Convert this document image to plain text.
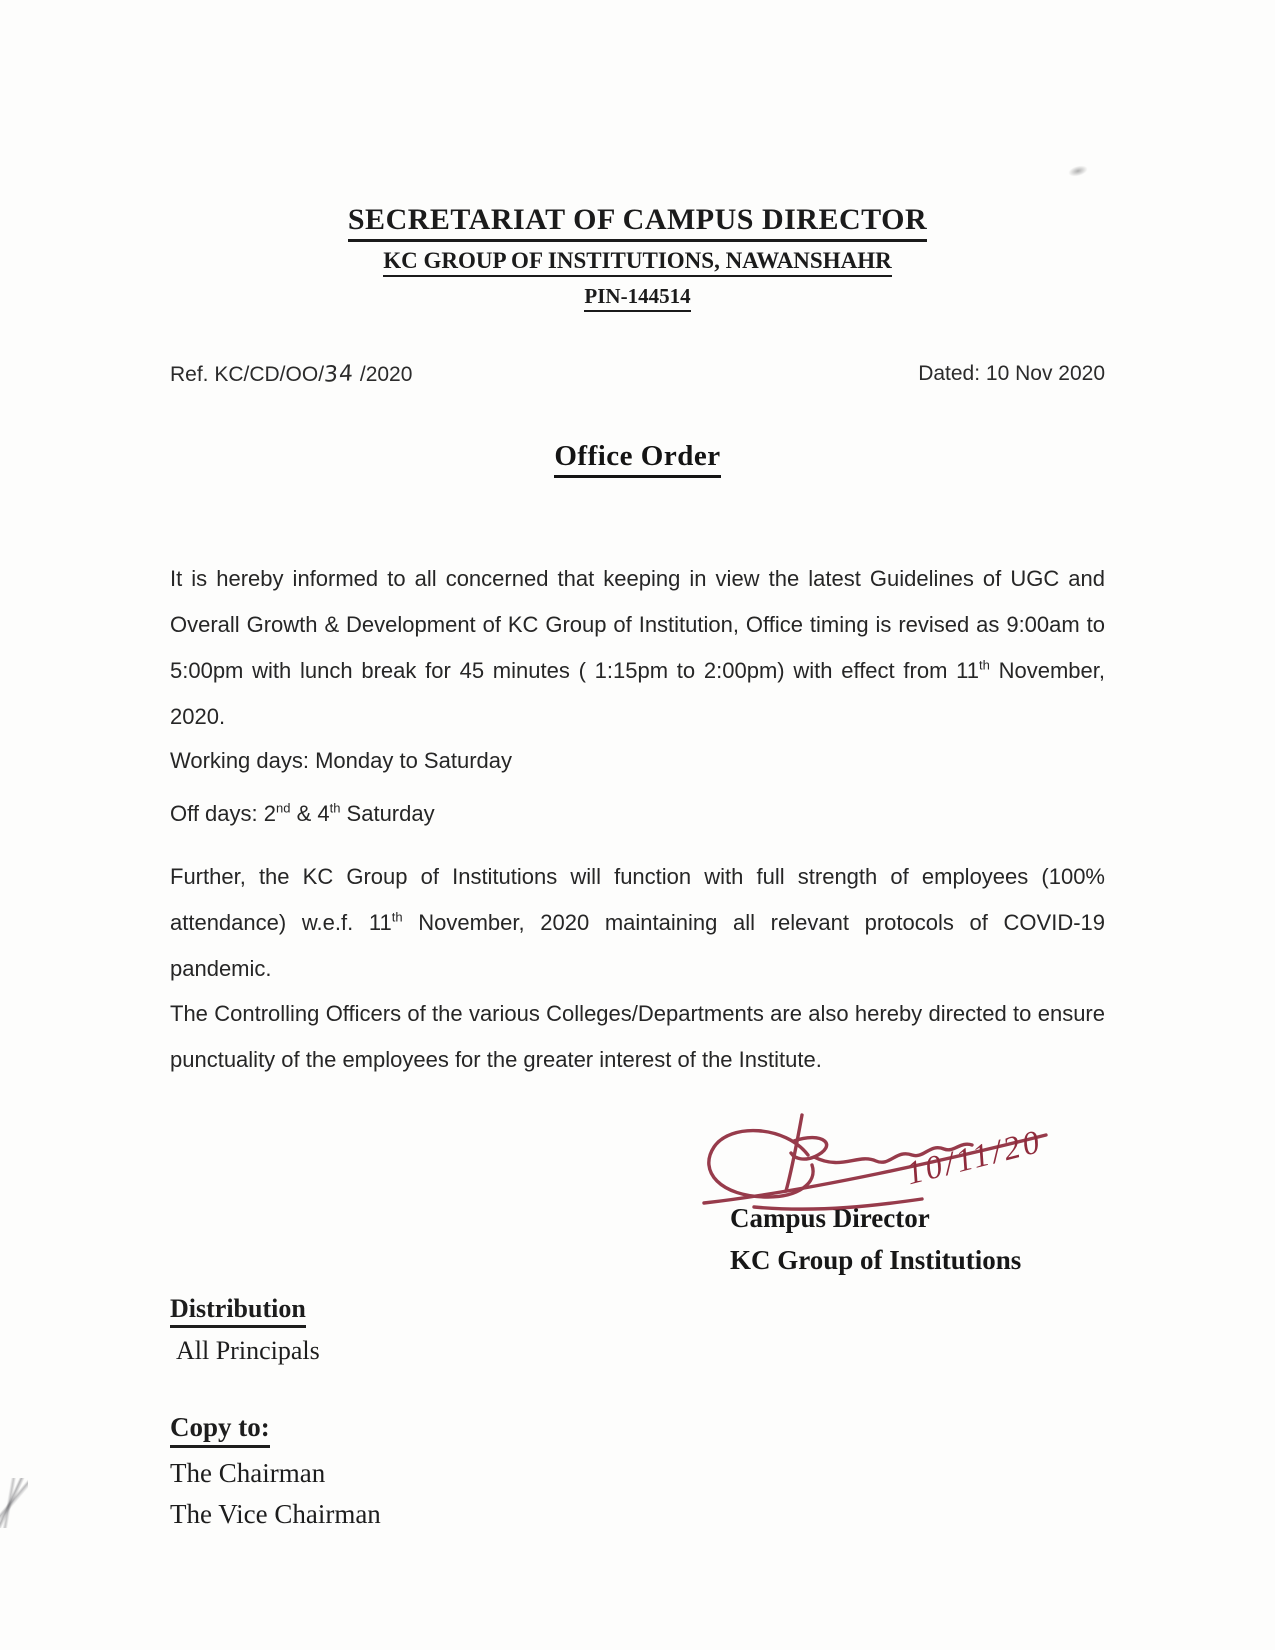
SECRETARIAT OF CAMPUS DIRECTOR
KC GROUP OF INSTITUTIONS, NAWANSHAHR
PIN-144514
Ref. KC/CD/OO/34 /2020	Dated: 10 Nov 2020
Office Order

It is hereby informed to all concerned that keeping in view the latest Guidelines of UGC and Overall Growth & Development of KC Group of Institution, Office timing is revised as 9:00am to 5:00pm with lunch break for 45 minutes ( 1:15pm to 2:00pm) with effect from 11th November, 2020.

Working days: Monday to Saturday

Off days: 2nd & 4th Saturday

Further, the KC Group of Institutions will function with full strength of employees (100% attendance) w.e.f. 11th November, 2020 maintaining all relevant protocols of COVID-19 pandemic.

The Controlling Officers of the various Colleges/Departments are also hereby directed to ensure punctuality of the employees for the greater interest of the Institute.

10/11/20
Campus Director
KC Group of Institutions
Distribution
All Principals
Copy to:
The Chairman
The Vice Chairman
